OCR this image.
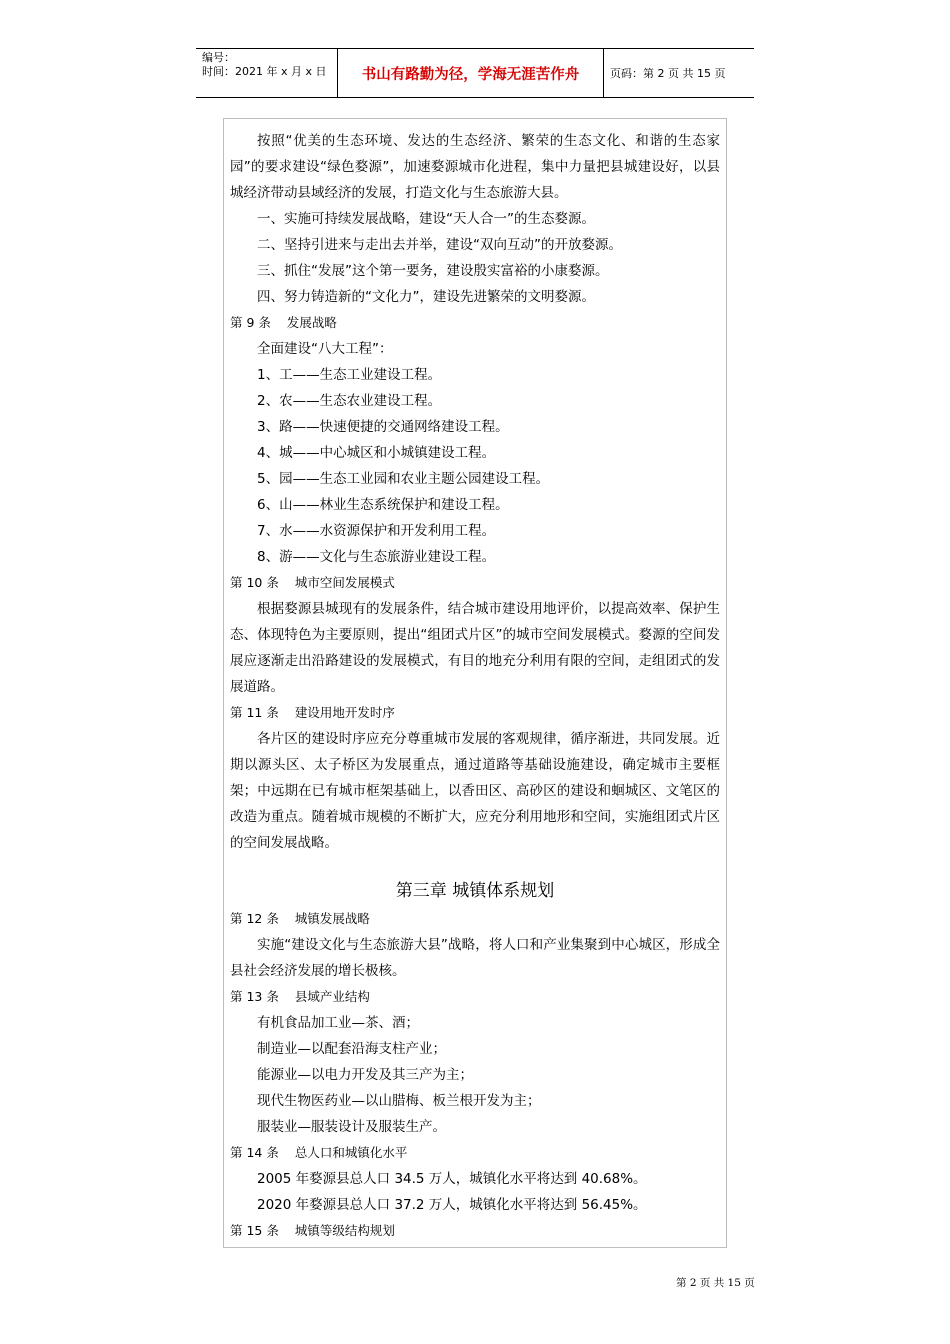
编号：
时间：2021 年 x 月 x 日	书山有路勤为径，学海无涯苦作舟	页码：第 2 页 共 15 页

按照“优美的生态环境、发达的生态经济、繁荣的生态文化、和谐的生态家园”的要求建设“绿色婺源”，加速婺源城市化进程，集中力量把县城建设好，以县城经济带动县域经济的发展，打造文化与生态旅游大县。

一、实施可持续发展战略，建设“天人合一”的生态婺源。
二、坚持引进来与走出去并举，建设“双向互动”的开放婺源。
三、抓住“发展”这个第一要务，建设殷实富裕的小康婺源。
四、努力铸造新的“文化力”，建设先进繁荣的文明婺源。
第 9 条 发展战略
全面建设“八大工程”：
1、工——生态工业建设工程。
2、农——生态农业建设工程。
3、路——快速便捷的交通网络建设工程。
4、城——中心城区和小城镇建设工程。
5、园——生态工业园和农业主题公园建设工程。
6、山——林业生态系统保护和建设工程。
7、水——水资源保护和开发利用工程。
8、游——文化与生态旅游业建设工程。
第 10 条 城市空间发展模式

根据婺源县城现有的发展条件，结合城市建设用地评价，以提高效率、保护生态、体现特色为主要原则，提出“组团式片区”的城市空间发展模式。婺源的空间发展应逐渐走出沿路建设的发展模式，有目的地充分利用有限的空间，走组团式的发展道路。

第 11 条 建设用地开发时序

各片区的建设时序应充分尊重城市发展的客观规律，循序渐进，共同发展。近期以源头区、太子桥区为发展重点，通过道路等基础设施建设，确定城市主要框架；中远期在已有城市框架基础上，以香田区、高砂区的建设和蛔城区、文笔区的改造为重点。随着城市规模的不断扩大，应充分利用地形和空间，实施组团式片区的空间发展战略。

第三章 城镇体系规划
第 12 条 城镇发展战略

实施“建设文化与生态旅游大县”战略，将人口和产业集聚到中心城区，形成全县社会经济发展的增长极核。

第 13 条 县域产业结构
有机食品加工业—茶、酒；
制造业—以配套沿海支柱产业；
能源业—以电力开发及其三产为主；
现代生物医药业—以山腊梅、板兰根开发为主；
服装业—服装设计及服装生产。
第 14 条 总人口和城镇化水平
2005 年婺源县总人口 34.5 万人，城镇化水平将达到 40.68%。
2020 年婺源县总人口 37.2 万人，城镇化水平将达到 56.45%。
第 15 条 城镇等级结构规划
第 2 页 共 15 页
